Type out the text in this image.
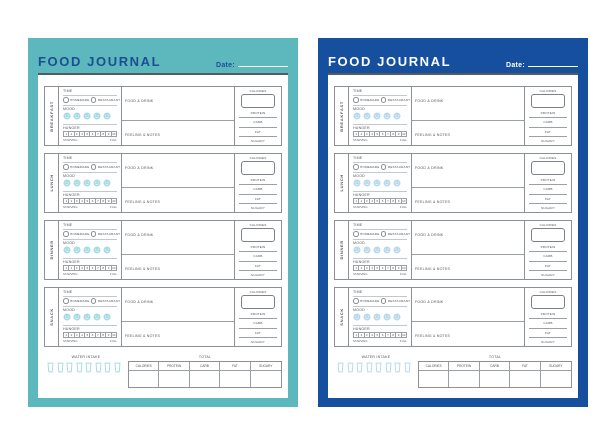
FOOD JOURNAL	Date:
BREAKFAST
TIME
HOMEMADE	RESTAURANT
MOOD
HUNGER
1	2	3	4	5	6	7	8	9 10
STARVING	FULL
FOOD & DRINK
FEELING & NOTES
CALORIES
PROTEIN
CARB
FAT
SUGARY
LUNCH
TIME
HOMEMADE	RESTAURANT
MOOD
HUNGER
1	2	3	4	5	6	7	8	9 10
STARVING	FULL
FOOD & DRINK
FEELING & NOTES
CALORIES
PROTEIN
CARB
FAT
SUGARY
DINNER
TIME
HOMEMADE	RESTAURANT
MOOD
HUNGER
1	2	3	4	5	6	7	8	9 10
STARVING	FULL
FOOD & DRINK
FEELING & NOTES
CALORIES
PROTEIN
CARB
FAT
SUGARY
SNACK
TIME
HOMEMADE	RESTAURANT
MOOD
HUNGER
1	2	3	4	5	6	7	8	9 10
STARVING	FULL
FOOD & DRINK
FEELING & NOTES
CALORIES
PROTEIN
CARB
FAT
SUGARY
WATER INTAKE	TOTAL
CALORIES	PROTEIN	CARB	FAT	SUGARY
FOOD JOURNAL	Date:
BREAKFAST
TIME
HOMEMADE	RESTAURANT
MOOD
HUNGER
1	2	3	4	5	6	7	8	9 10
STARVING	FULL
FOOD & DRINK
FEELING & NOTES
CALORIES
PROTEIN
CARB
FAT
SUGARY
LUNCH
TIME
HOMEMADE	RESTAURANT
MOOD
HUNGER
1	2	3	4	5	6	7	8	9 10
STARVING	FULL
FOOD & DRINK
FEELING & NOTES
CALORIES
PROTEIN
CARB
FAT
SUGARY
DINNER
TIME
HOMEMADE	RESTAURANT
MOOD
HUNGER
1	2	3	4	5	6	7	8	9 10
STARVING	FULL
FOOD & DRINK
FEELING & NOTES
CALORIES
PROTEIN
CARB
FAT
SUGARY
SNACK
TIME
HOMEMADE	RESTAURANT
MOOD
HUNGER
1	2	3	4	5	6	7	8	9 10
STARVING	FULL
FOOD & DRINK
FEELING & NOTES
CALORIES
PROTEIN
CARB
FAT
SUGARY
WATER INTAKE	TOTAL
CALORIES	PROTEIN	CARB	FAT	SUGARY
